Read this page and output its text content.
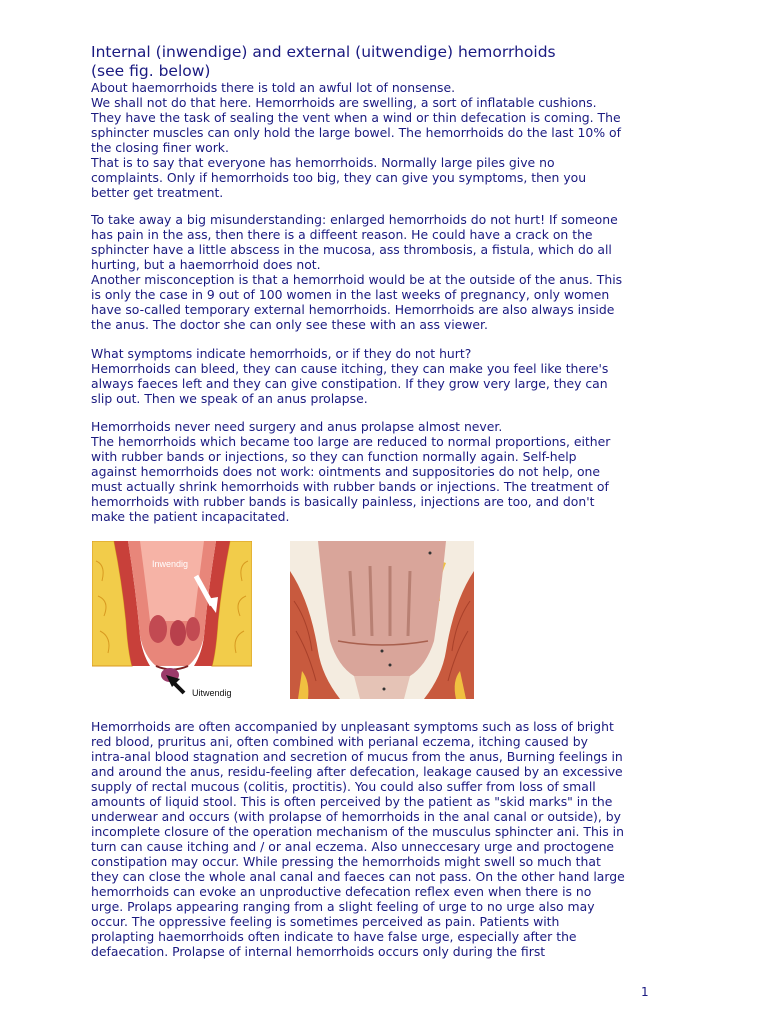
Internal (inwendige) and external (uitwendige) hemorrhoids
(see fig. below)

About haemorrhoids there is told an awful lot of nonsense.

We shall not do that here. Hemorrhoids are swelling, a sort of inflatable cushions.

They have the task of sealing the vent when a wind or thin defecation is coming. The

sphincter muscles can only hold the large bowel. The hemorrhoids do the last 10% of

the closing finer work.

That is to say that everyone has hemorrhoids. Normally large piles give no

complaints. Only if hemorrhoids too big, they can give you symptoms, then you

better get treatment.

To take away a big misunderstanding: enlarged hemorrhoids do not hurt! If someone

has pain in the ass, then there is a diffeent reason. He could have a crack on the

sphincter have a little abscess in the mucosa, ass thrombosis, a fistula, which do all

hurting, but a haemorrhoid does not.

Another misconception is that a hemorrhoid would be at the outside of the anus. This

is only the case in 9 out of 100 women in the last weeks of pregnancy, only women

have so-called temporary external hemorrhoids. Hemorrhoids are also always inside

the anus. The doctor she can only see these with an ass viewer.

What symptoms indicate hemorrhoids, or if they do not hurt?

Hemorrhoids can bleed, they can cause itching, they can make you feel like there's

always faeces left and they can give constipation. If they grow very large, they can

slip out. Then we speak of an anus prolapse.

Hemorrhoids never need surgery and anus prolapse almost never.

The hemorrhoids which became too large are reduced to normal proportions, either

with rubber bands or injections, so they can function normally again. Self-help

against hemorrhoids does not work: ointments and suppositories do not help, one

must actually shrink hemorrhoids with rubber bands or injections. The treatment of

hemorrhoids with rubber bands is basically painless, injections are too, and don't

make the patient incapacitated.

Inwendig
Uitwendig

Hemorrhoids are often accompanied by unpleasant symptoms such as loss of bright

red blood, pruritus ani, often combined with perianal eczema, itching caused by

intra-anal blood stagnation and secretion of mucus from the anus, Burning feelings in

and around the anus, residu-feeling after defecation, leakage caused by an excessive

supply of rectal mucous (colitis, proctitis). You could also suffer from loss of small

amounts of liquid stool. This is often perceived by the patient as "skid marks" in the

underwear and occurs (with prolapse of hemorrhoids in the anal canal or outside), by

incomplete closure of the operation mechanism of the musculus sphincter ani. This in

turn can cause itching and / or anal eczema. Also unneccesary urge and proctogene

constipation may occur. While pressing the hemorrhoids might swell so much that

they can close the whole anal canal and faeces can not pass. On the other hand large

hemorrhoids can evoke an unproductive defecation reflex even when there is no

urge. Prolaps appearing ranging from a slight feeling of urge to no urge also may

occur. The oppressive feeling is sometimes perceived as pain. Patients with

prolapting haemorrhoids often indicate to have false urge, especially after the

defaecation. Prolapse of internal hemorrhoids occurs only during the first

1
